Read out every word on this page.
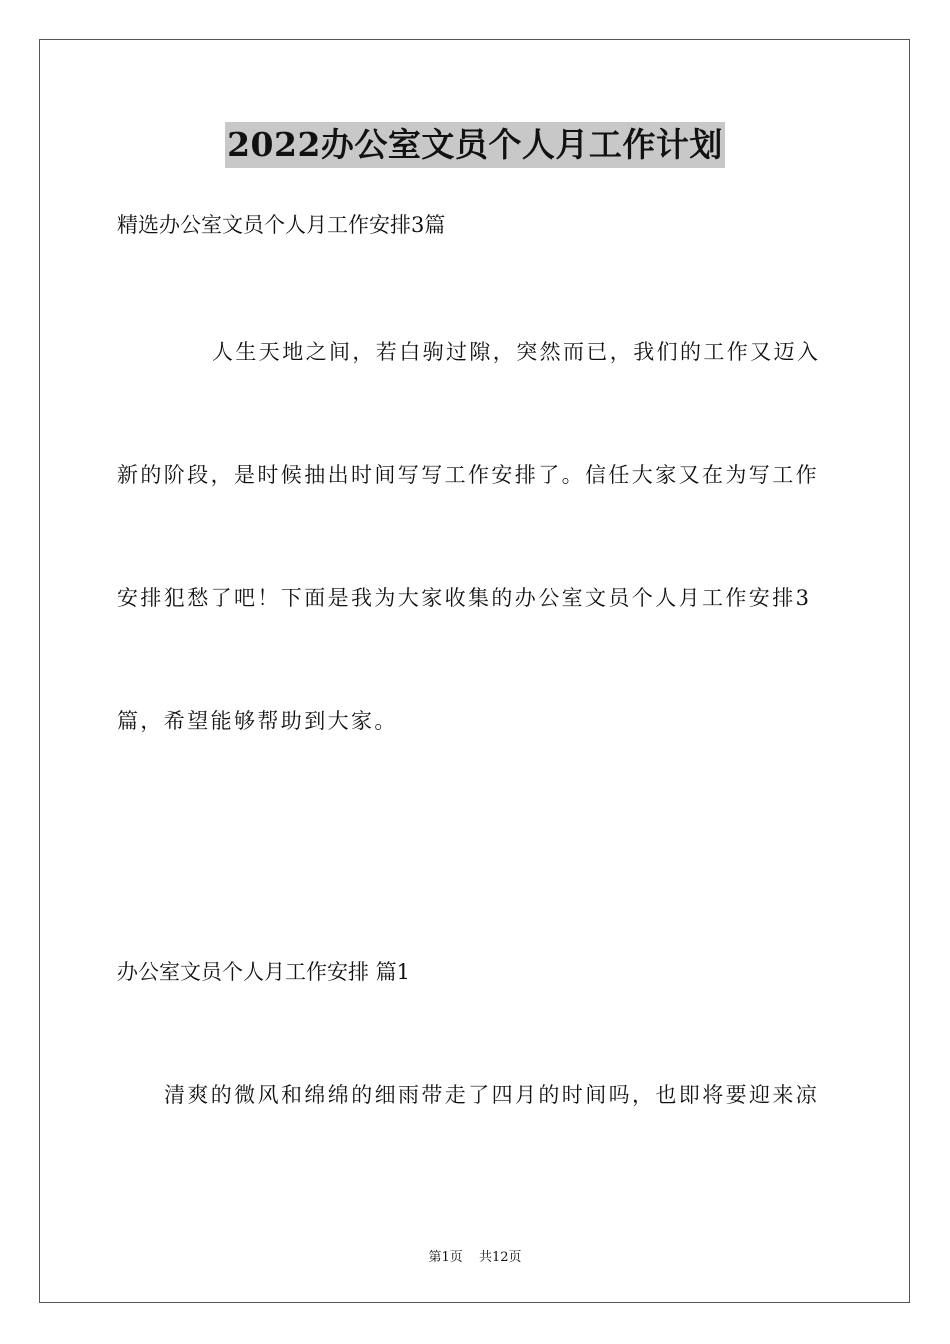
2022办公室文员个人月工作计划
精选办公室文员个人月工作安排3篇
人生天地之间，若白驹过隙，突然而已，我们的工作又迈入
新的阶段，是时候抽出时间写写工作安排了。信任大家又在为写工作
安排犯愁了吧！下面是我为大家收集的办公室文员个人月工作安排3
篇，希望能够帮助到大家。
办公室文员个人月工作安排 篇1
清爽的微风和绵绵的细雨带走了四月的时间吗，也即将要迎来凉
第1页 共12页
